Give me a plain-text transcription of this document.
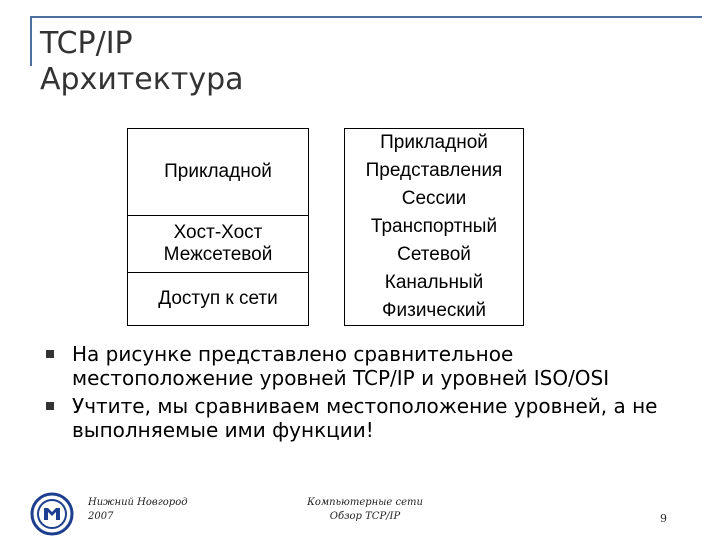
TCP/IP
Архитектура
Прикладной
Хост-Хост
Межсетевой
Доступ к сети
Прикладной
Представления
Сессии
Транспортный
Сетевой
Канальный
Физический
На рисунке представлено сравнительное местоположение уровней TCP/IP и уровней ISO/OSI
Учтите, мы сравниваем местоположение уровней, а не выполняемые ими функции!
Нижний Новгород
2007
Компьютерные сети
Обзор TCP/IP	9
